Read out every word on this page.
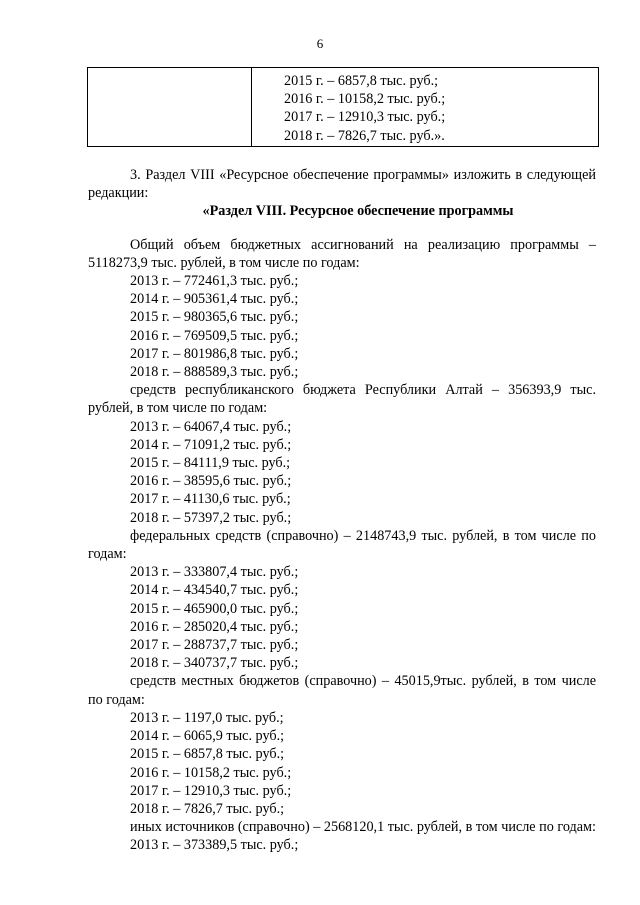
6
2015 г. – 6857,8 тыс. руб.;
2016 г. – 10158,2 тыс. руб.;
2017 г. – 12910,3 тыс. руб.;
2018 г. – 7826,7 тыс. руб.».
3. Раздел VIII «Ресурсное обеспечение программы» изложить в следующей редакции:
«Раздел VIII. Ресурсное обеспечение программы
Общий объем бюджетных ассигнований на реализацию программы – 5118273,9 тыс. рублей, в том числе по годам:
2013 г. – 772461,3 тыс. руб.;
2014 г. – 905361,4 тыс. руб.;
2015 г. – 980365,6 тыс. руб.;
2016 г. – 769509,5 тыс. руб.;
2017 г. – 801986,8 тыс. руб.;
2018 г. – 888589,3 тыс. руб.;
средств республиканского бюджета Республики Алтай – 356393,9 тыс. рублей, в том числе по годам:
2013 г. – 64067,4 тыс. руб.;
2014 г. – 71091,2 тыс. руб.;
2015 г. – 84111,9 тыс. руб.;
2016 г. – 38595,6 тыс. руб.;
2017 г. – 41130,6 тыс. руб.;
2018 г. – 57397,2 тыс. руб.;
федеральных средств (справочно) – 2148743,9 тыс. рублей, в том числе по годам:
2013 г. – 333807,4 тыс. руб.;
2014 г. – 434540,7 тыс. руб.;
2015 г. – 465900,0 тыс. руб.;
2016 г. – 285020,4 тыс. руб.;
2017 г. – 288737,7 тыс. руб.;
2018 г. – 340737,7 тыс. руб.;
средств местных бюджетов (справочно) – 45015,9тыс. рублей, в том числе по годам:
2013 г. – 1197,0 тыс. руб.;
2014 г. – 6065,9 тыс. руб.;
2015 г. – 6857,8 тыс. руб.;
2016 г. – 10158,2 тыс. руб.;
2017 г. – 12910,3 тыс. руб.;
2018 г. – 7826,7 тыс. руб.;
иных источников (справочно) – 2568120,1 тыс. рублей, в том числе по годам:
2013 г. – 373389,5 тыс. руб.;
